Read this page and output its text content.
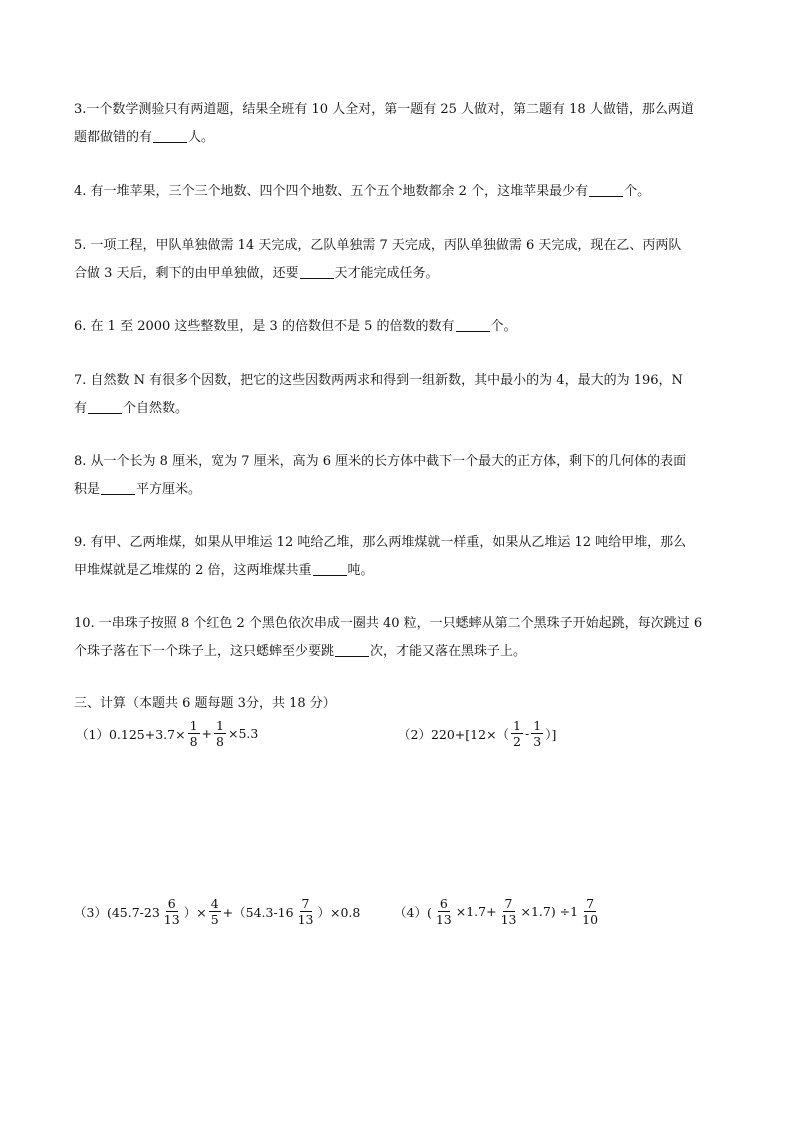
3.一个数学测验只有两道题，结果全班有 10 人全对，第一题有 25 人做对，第二题有 18 人做错，那么两道

题都做错的有	人。

4. 有一堆苹果，三个三个地数、四个四个地数、五个五个地数都余 2 个，这堆苹果最少有	个。

5. 一项工程，甲队单独做需 14 天完成，乙队单独需 7 天完成，丙队单独做需 6 天完成，现在乙、丙两队

合做 3 天后，剩下的由甲单独做，还要	天才能完成任务。

6. 在 1 至 2000 这些整数里，是 3 的倍数但不是 5 的倍数的数有	个。

7. 自然数 N 有很多个因数，把它的这些因数两两求和得到一组新数，其中最小的为 4，最大的为 196，N

有	个自然数。

8. 从一个长为 8 厘米，宽为 7 厘米，高为 6 厘米的长方体中截下一个最大的正方体，剩下的几何体的表面

积是	平方厘米。

9. 有甲、乙两堆煤，如果从甲堆运 12 吨给乙堆，那么两堆煤就一样重，如果从乙堆运 12 吨给甲堆，那么

甲堆煤就是乙堆煤的 2 倍，这两堆煤共重	吨。

10. 一串珠子按照 8 个红色 2 个黑色依次串成一圈共 40 粒，一只蟋蟀从第二个黑珠子开始起跳，每次跳过 6

个珠子落在下一个珠子上，这只蟋蟀至少要跳	次，才能又落在黑珠子上。

三、计算（本题共 6 题每题 3分，共 18 分）
$(1)0.125+3.7\times \frac{1}{8} + \frac{1}{8} \times 5.3$	$(2)220+[12\times( \frac{1}{2} - \frac{1}{3}$ ）]
$(3)(45.7-23 \frac{6}{13}$ ）× $\frac{4}{5} +(54.3-16 \frac{7}{13} )\times 0.8$	$(4)( \frac{6}{13} \times 1.7+ \frac{7}{13} \times 1.7) \div 1 \frac{7}{10}$
